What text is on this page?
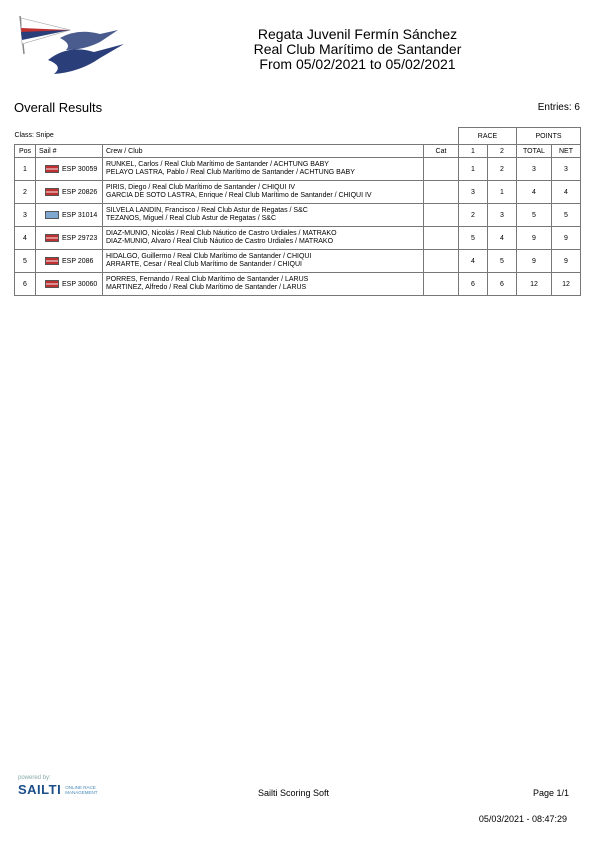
Regata Juvenil Fermín Sánchez
Real Club Marítimo de Santander
From 05/02/2021 to 05/02/2021
Overall Results	Entries: 6
Class: Snipe				RACE		POINTS	
Pos	Sail #	Crew / Club	Cat	1	2	TOTAL	NET
1	ESP 30059	RUNKEL, Carlos / Real Club Marítimo de Santander / ACHTUNG BABY
PELAYO LASTRA, Pablo / Real Club Marítimo de Santander / ACHTUNG BABY		1	2	3	3
2	ESP 20826	PIRIS, Diego / Real Club Marítimo de Santander / CHIQUI IV
GARCIA DE SOTO LASTRA, Enrique / Real Club Marítimo de Santander / CHIQUI IV		3	1	4	4
3	ESP 31014	SILVELA LANDIN, Francisco / Real Club Astur de Regatas / S&C
TEZANOS, Miguel / Real Club Astur de Regatas / S&C		2	3	5	5
4	ESP 29723	DIAZ-MUNIO, Nicolás / Real Club Náutico de Castro Urdiales / MATRAKO
DIAZ-MUNIO, Alvaro / Real Club Náutico de Castro Urdiales / MATRAKO		5	4	9	9
5	ESP 2086	HIDALGO, Guillermo / Real Club Marítimo de Santander / CHIQUI
ARRARTE, Cesar / Real Club Marítimo de Santander / CHIQUI		4	5	9	9
6	ESP 30060	PORRES, Fernando / Real Club Marítimo de Santander / LARUS
MARTINEZ, Alfredo / Real Club Marítimo de Santander / LARUS		6	6	12	12
powered by:
SAILTI ONLINE RACE
MANAGEMENT	Sailti Scoring Soft	Page 1/1
05/03/2021 - 08:47:29
